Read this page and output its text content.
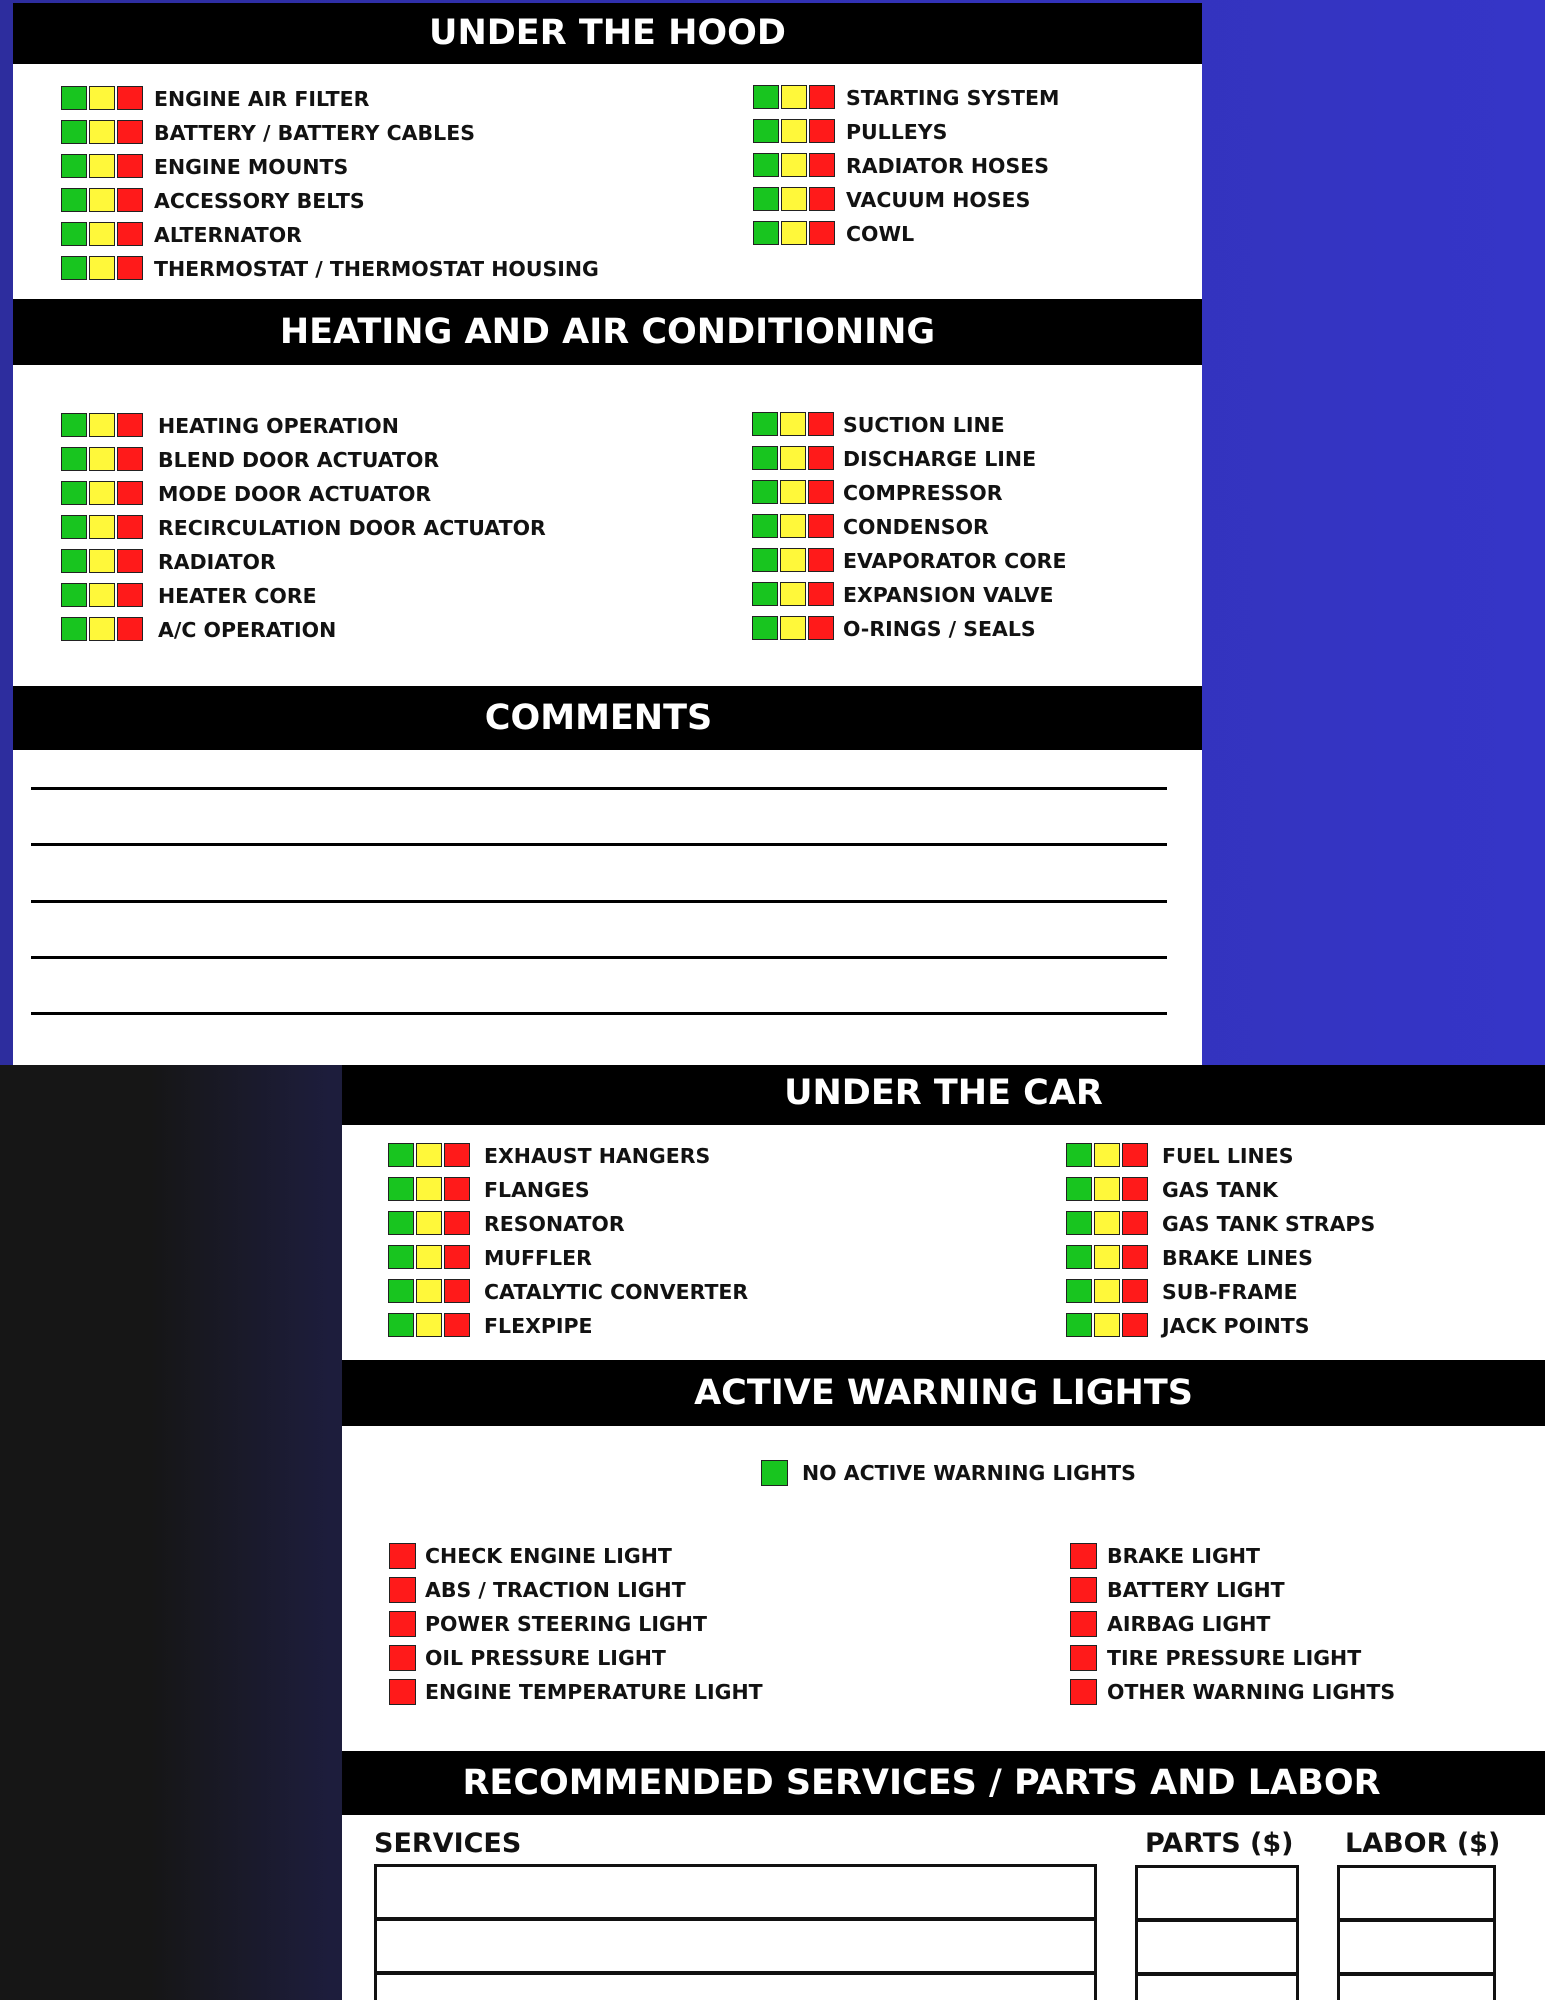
UNDER THE HOOD
ENGINE AIR FILTER
BATTERY / BATTERY CABLES
ENGINE MOUNTS
ACCESSORY BELTS
ALTERNATOR
THERMOSTAT / THERMOSTAT HOUSING
STARTING SYSTEM
PULLEYS
RADIATOR HOSES
VACUUM HOSES
COWL
HEATING AND AIR CONDITIONING
HEATING OPERATION
BLEND DOOR ACTUATOR
MODE DOOR ACTUATOR
RECIRCULATION DOOR ACTUATOR
RADIATOR
HEATER CORE
A/C OPERATION
SUCTION LINE
DISCHARGE LINE
COMPRESSOR
CONDENSOR
EVAPORATOR CORE
EXPANSION VALVE
O-RINGS / SEALS
COMMENTS
UNDER THE CAR
EXHAUST HANGERS
FLANGES
RESONATOR
MUFFLER
CATALYTIC CONVERTER
FLEXPIPE
FUEL LINES
GAS TANK
GAS TANK STRAPS
BRAKE LINES
SUB-FRAME
JACK POINTS
ACTIVE WARNING LIGHTS
NO ACTIVE WARNING LIGHTS
CHECK ENGINE LIGHT
ABS / TRACTION LIGHT
POWER STEERING LIGHT
OIL PRESSURE LIGHT
ENGINE TEMPERATURE LIGHT
BRAKE LIGHT
BATTERY LIGHT
AIRBAG LIGHT
TIRE PRESSURE LIGHT
OTHER WARNING LIGHTS
RECOMMENDED SERVICES / PARTS AND LABOR
SERVICES	PARTS ($) LABOR ($)
